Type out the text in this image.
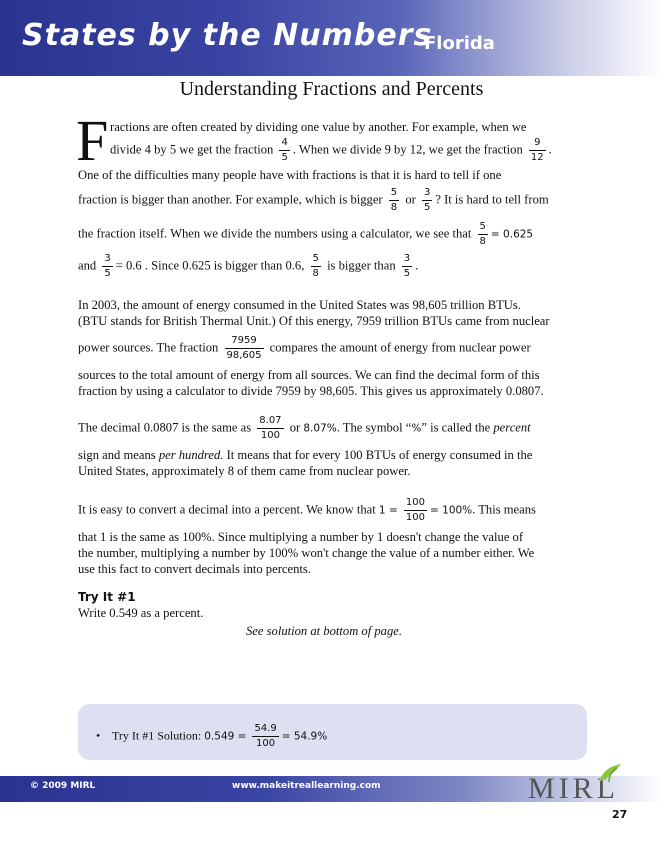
States by the Numbers
Florida
Understanding Fractions and Percents
F ractions are often created by dividing one value by another. For example, when we
divide 4 by 5 we get the fraction $\frac{4}{5}$ . When we divide 9 by 12, we get the fraction $\frac{9}{12}$ .
One of the difficulties many people have with fractions is that it is hard to tell if one
fraction is bigger than another. For example, which is bigger $\frac{5}{8}$ or $\frac{3}{5}$ ? It is hard to tell from
the fraction itself. When we divide the numbers using a calculator, we see that $\frac{5}{8} = 0.625$
and $\frac{3}{5} = 0.6$ . Since 0.625 is bigger than 0.6, $\frac{5}{8}$ is bigger than $\frac{3}{5}$ .
In 2003, the amount of energy consumed in the United States was 98,605 trillion BTUs.
(BTU stands for British Thermal Unit.) Of this energy, 7959 trillion BTUs came from nuclear
power sources. The fraction $\frac{7959}{98,605}$ compares the amount of energy from nuclear power
sources to the total amount of energy from all sources. We can find the decimal form of this
fraction by using a calculator to divide 7959 by 98,605. This gives us approximately 0.0807.
The decimal 0.0807 is the same as $\frac{8.07}{100}$ or 8.07%. The symbol “%” is called the percent
sign and means per hundred. It means that for every 100 BTUs of energy consumed in the
United States, approximately 8 of them came from nuclear power.
It is easy to convert a decimal into a percent. We know that $1 = \frac{100}{100} = 100\%$. This means
that 1 is the same as 100%. Since multiplying a number by 1 doesn't change the value of
the number, multiplying a number by 100% won't change the value of a number either. We
use this fact to convert decimals into percents.
Try It #1
Write 0.549 as a percent.
See solution at bottom of page.
• Try It #1 Solution: $0.549 = \frac{54.9}{100} = 54.9\%$
© 2009 MIRL	www.makeitreallearning.com	MIRL
27
